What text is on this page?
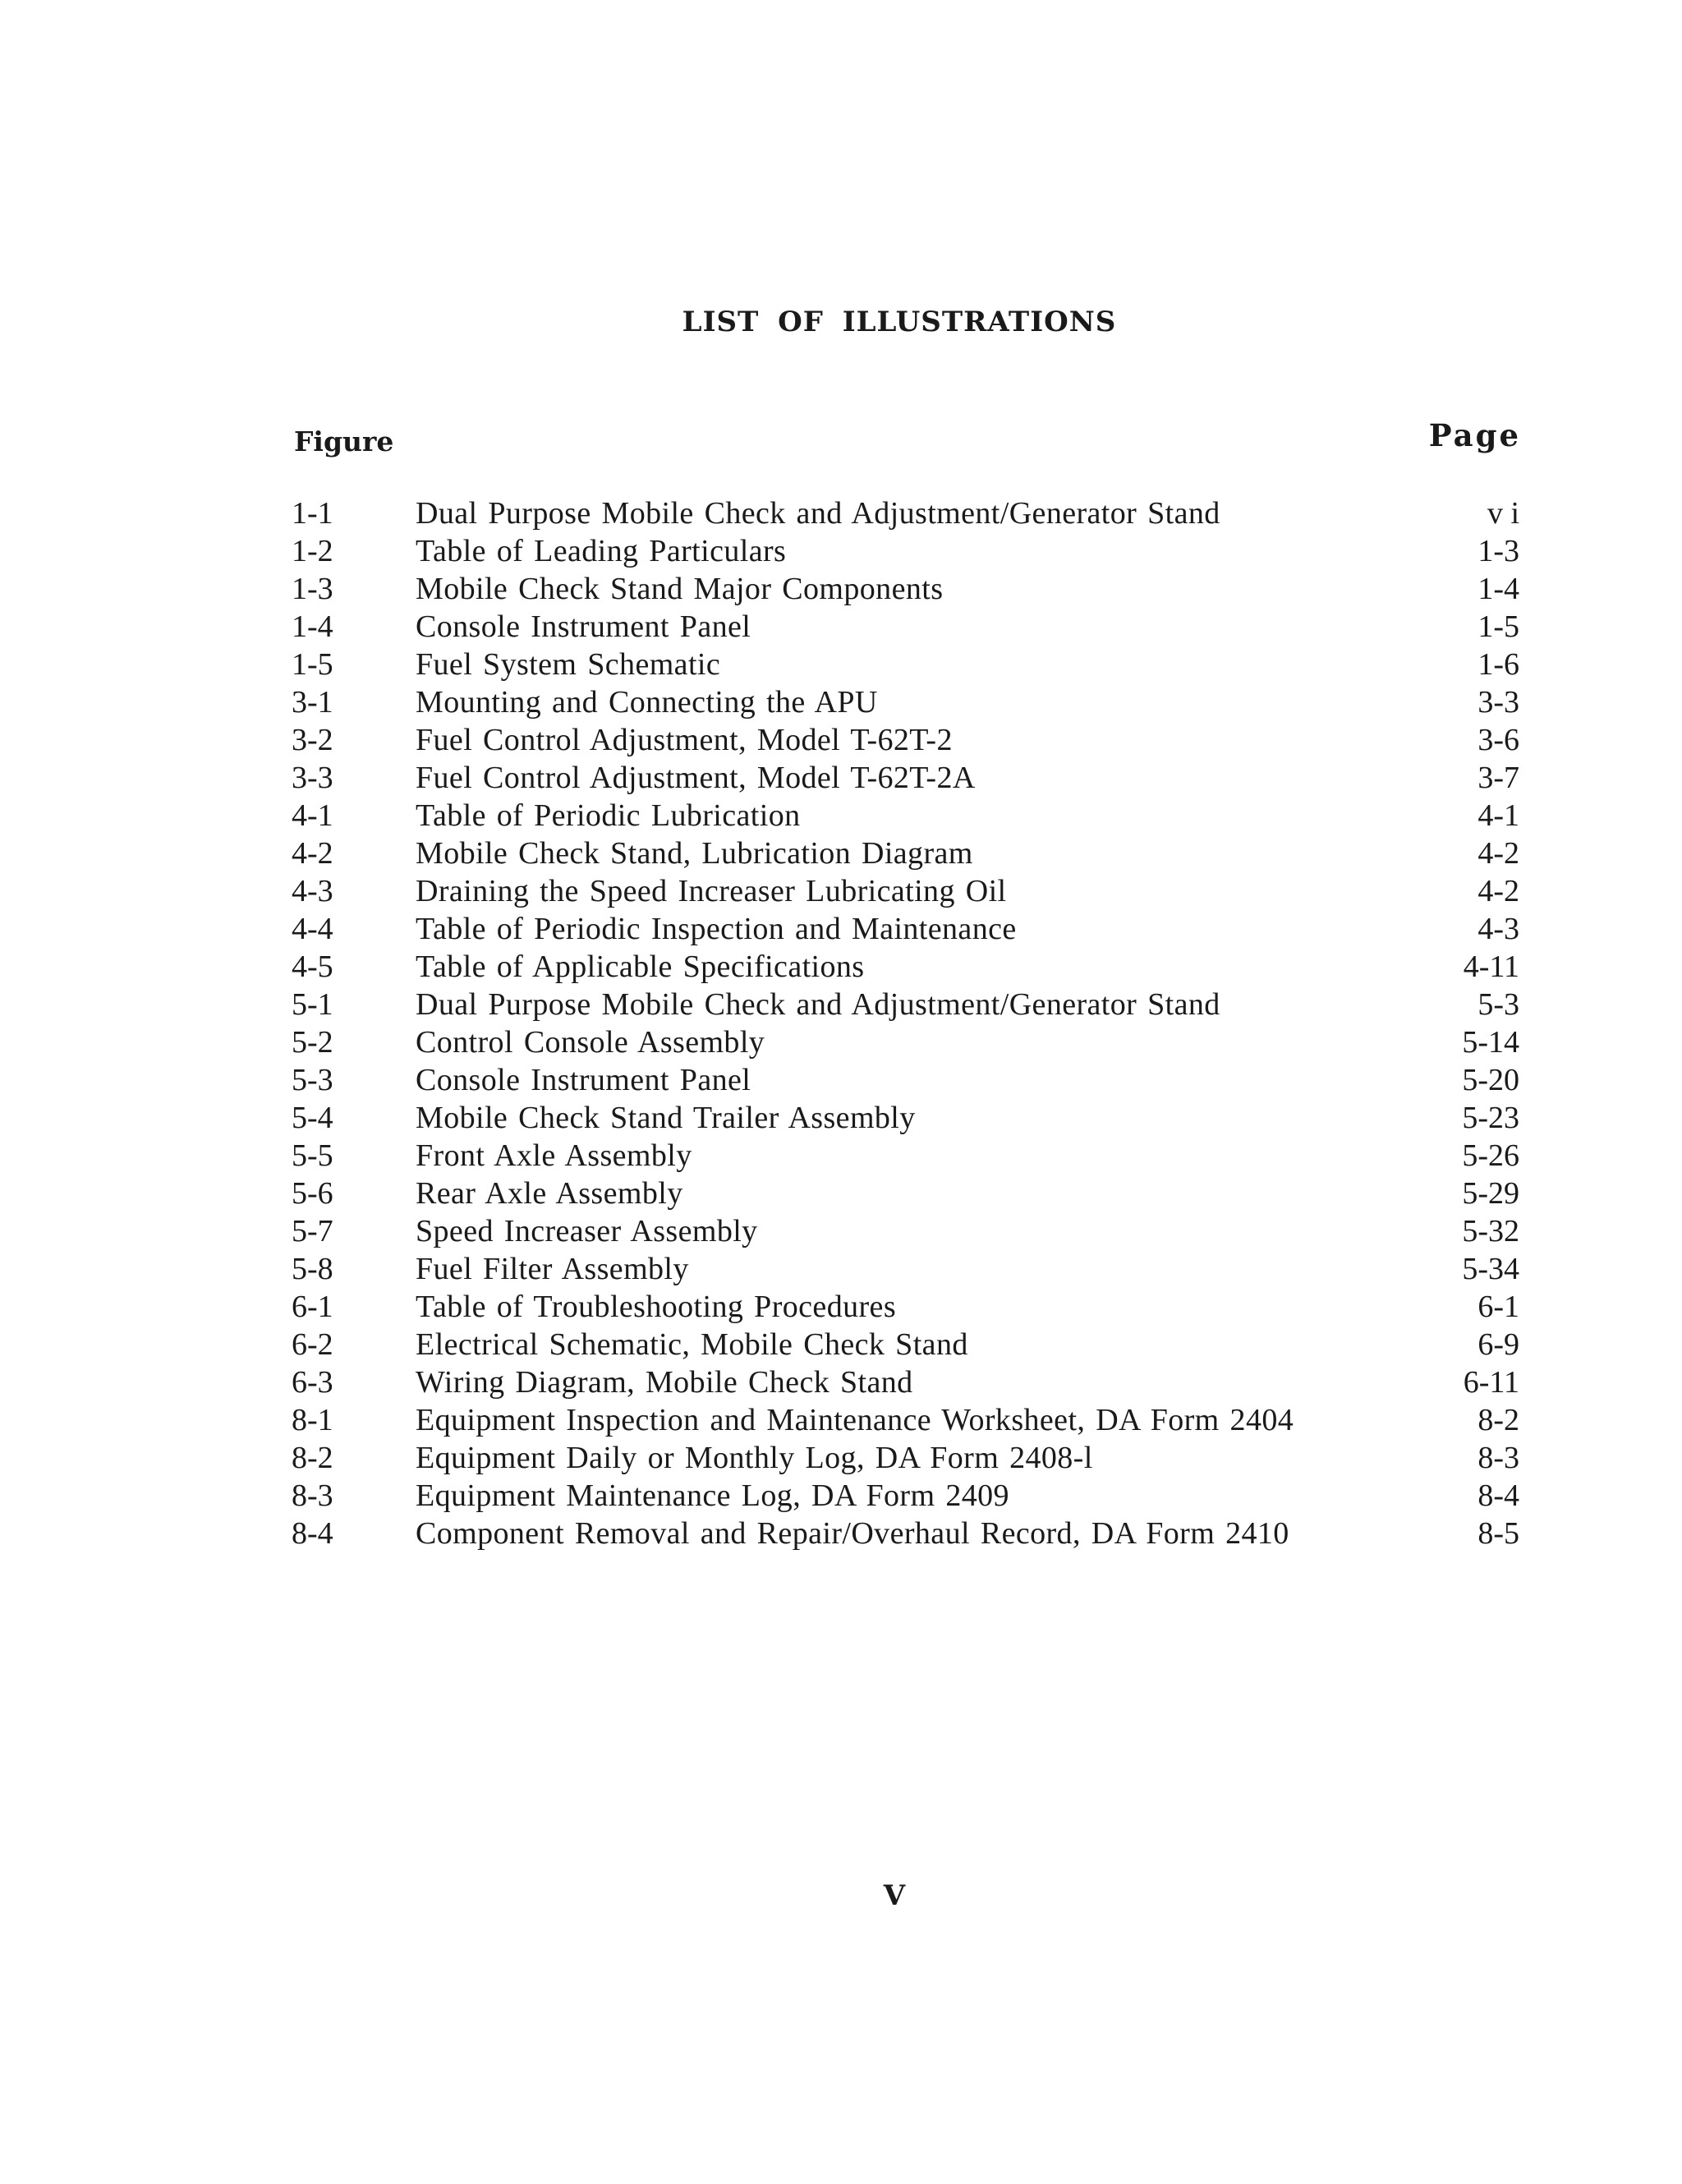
LIST OF ILLUSTRATIONS
Figure	Page
1-1	Dual Purpose Mobile Check and Adjustment/Generator Stand	v i
1-2	Table of Leading Particulars	1-3
1-3	Mobile Check Stand Major Components	1-4
1-4	Console Instrument Panel	1-5
1-5	Fuel System Schematic	1-6
3-1	Mounting and Connecting the APU	3-3
3-2	Fuel Control Adjustment, Model T-62T-2	3-6
3-3	Fuel Control Adjustment, Model T-62T-2A	3-7
4-1	Table of Periodic Lubrication	4-1
4-2	Mobile Check Stand, Lubrication Diagram	4-2
4-3	Draining the Speed Increaser Lubricating Oil	4-2
4-4	Table of Periodic Inspection and Maintenance	4-3
4-5	Table of Applicable Specifications	4-11
5-1	Dual Purpose Mobile Check and Adjustment/Generator Stand	5-3
5-2	Control Console Assembly	5-14
5-3	Console Instrument Panel	5-20
5-4	Mobile Check Stand Trailer Assembly	5-23
5-5	Front Axle Assembly	5-26
5-6	Rear Axle Assembly	5-29
5-7	Speed Increaser Assembly	5-32
5-8	Fuel Filter Assembly	5-34
6-1	Table of Troubleshooting Procedures	6-1
6-2	Electrical Schematic, Mobile Check Stand	6-9
6-3	Wiring Diagram, Mobile Check Stand	6-11
8-1	Equipment Inspection and Maintenance Worksheet, DA Form 2404	8-2
8-2	Equipment Daily or Monthly Log, DA Form 2408-l	8-3
8-3	Equipment Maintenance Log, DA Form 2409	8-4
8-4	Component Removal and Repair/Overhaul Record, DA Form 2410	8-5
V
